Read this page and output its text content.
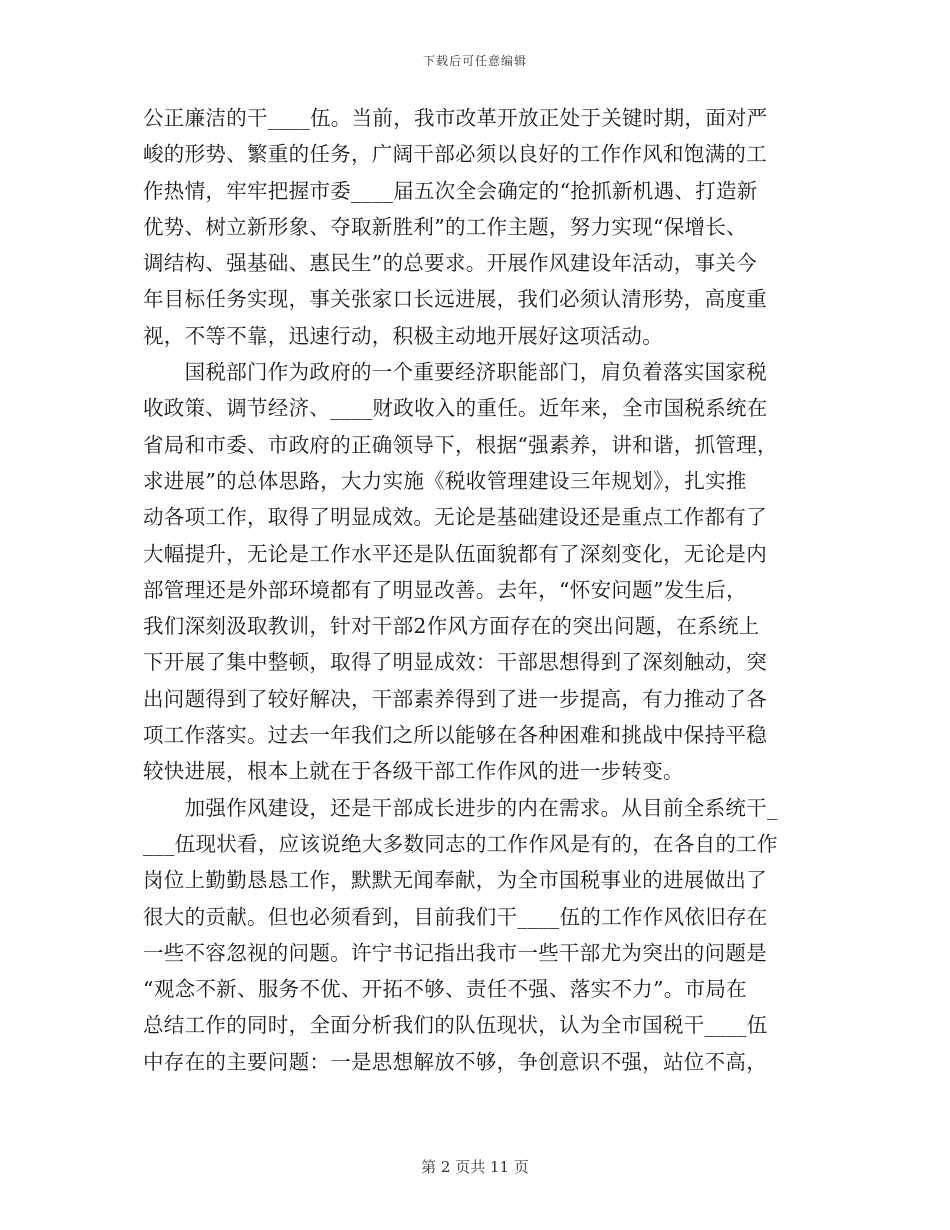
下载后可任意编辑
公正廉洁的干____伍。当前，我市改革开放正处于关键时期，面对严
峻的形势、繁重的任务，广阔干部必须以良好的工作作风和饱满的工
作热情，牢牢把握市委____届五次全会确定的“抢抓新机遇、打造新
优势、树立新形象、夺取新胜利”的工作主题，努力实现“保增长、
调结构、强基础、惠民生”的总要求。开展作风建设年活动，事关今
年目标任务实现，事关张家口长远进展，我们必须认清形势，高度重
视，不等不靠，迅速行动，积极主动地开展好这项活动。
　　国税部门作为政府的一个重要经济职能部门，肩负着落实国家税
收政策、调节经济、____财政收入的重任。近年来，全市国税系统在
省局和市委、市政府的正确领导下，根据“强素养，讲和谐，抓管理，
求进展”的总体思路，大力实施《税收管理建设三年规划》，扎实推
动各项工作，取得了明显成效。无论是基础建设还是重点工作都有了
大幅提升，无论是工作水平还是队伍面貌都有了深刻变化，无论是内
部管理还是外部环境都有了明显改善。去年，“怀安问题”发生后，
我们深刻汲取教训，针对干部2作风方面存在的突出问题，在系统上
下开展了集中整顿，取得了明显成效：干部思想得到了深刻触动，突
出问题得到了较好解决，干部素养得到了进一步提高，有力推动了各
项工作落实。过去一年我们之所以能够在各种困难和挑战中保持平稳
较快进展，根本上就在于各级干部工作作风的进一步转变。
　　加强作风建设，还是干部成长进步的内在需求。从目前全系统干_
___伍现状看，应该说绝大多数同志的工作作风是有的，在各自的工作
岗位上勤勤恳恳工作，默默无闻奉献，为全市国税事业的进展做出了
很大的贡献。但也必须看到，目前我们干____伍的工作作风依旧存在
一些不容忽视的问题。许宁书记指出我市一些干部尤为突出的问题是
“观念不新、服务不优、开拓不够、责任不强、落实不力”。市局在
总结工作的同时，全面分析我们的队伍现状，认为全市国税干____伍
中存在的主要问题：一是思想解放不够，争创意识不强，站位不高，
第 2 页共 11 页
